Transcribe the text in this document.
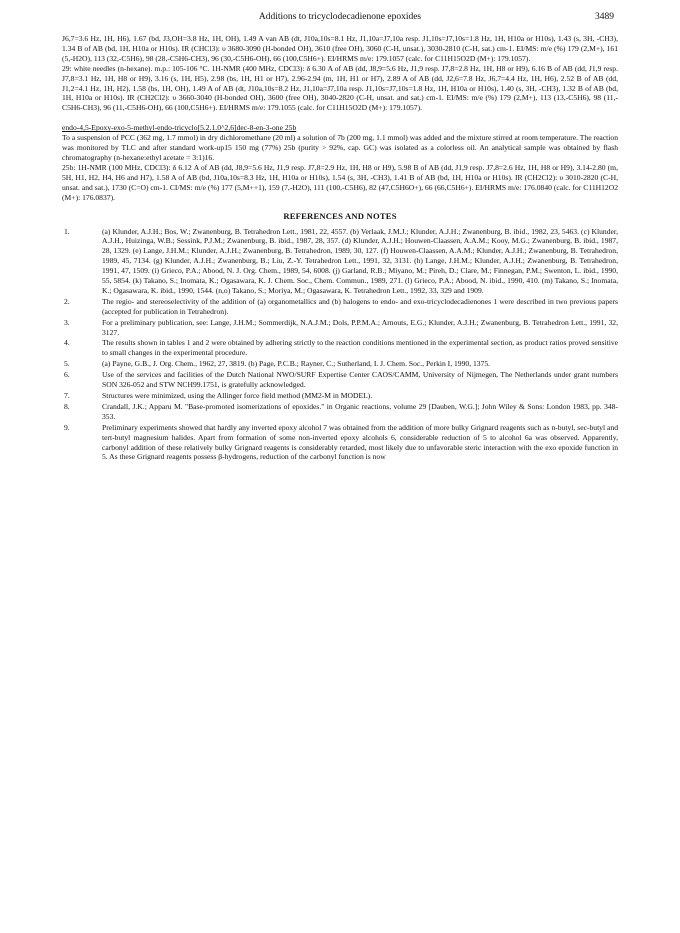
Additions to tricyclodecadienone epoxides	3489

J6,7=3.6 Hz, 1H, H6), 1.67 (bd, J3,OH=3.8 Hz, 1H, OH), 1.49 A van AB (dt, J10a,10s=8.1 Hz, J1,10a=J7,10a resp. J1,10s=J7,10s=1.8 Hz, 1H, H10a or H10s), 1.43 (s, 3H, -CH3), 1.34 B of AB (bd, 1H, H10a or H10s). IR (CHCl3): υ 3680-3090 (H-bonded OH), 3610 (free OH), 3060 (C-H, unsat.), 3030-2810 (C-H, sat.) cm-1. EI/MS: m/e (%) 179 (2,M+), 161 (5,-H2O), 113 (32,-C5H6), 98 (28,-C5H6-CH3), 96 (30,-C5H6-OH), 66 (100,C5H6+). EI/HRMS m/e: 179.1057 (calc. for C11H15O2D (M+): 179.1057).

29: white needles (n-hexane). m.p.: 105-106 °C. 1H-NMR (400 MHz, CDCl3): δ 6.30 A of AB (dd, J8,9=5.6 Hz, J1,9 resp. J7,8=2.8 Hz, 1H, H8 or H9), 6.16 B of AB (dd, J1,9 resp. J7,8=3.1 Hz, 1H, H8 or H9), 3.16 (s, 1H, H5), 2.98 (bs, 1H, H1 or H7), 2.96-2.94 (m, 1H, H1 or H7), 2.89 A of AB (dd, J2,6=7.8 Hz, J6,7=4.4 Hz, 1H, H6), 2.52 B of AB (dd, J1,2=4.1 Hz, 1H, H2), 1.58 (bs, 1H, OH), 1.49 A of AB (dt, J10a,10s=8.2 Hz, J1,10a=J7,10a resp. J1,10s=J7,10s=1.8 Hz, 1H, H10a or H10s), 1.40 (s, 3H, -CH3), 1.32 B of AB (bd, 1H, H10a or H10s). IR (CH2Cl2): υ 3660-3040 (H-bonded OH), 3600 (free OH), 3040-2820 (C-H, unsat. and sat.) cm-1. EI/MS: m/e (%) 179 (2,M+), 113 (13,-C5H6), 98 (11,-C5H6-CH3), 96 (11,-C5H6-OH), 66 (100,C5H6+). EI/HRMS m/e: 179.1055 (calc. for C11H15O2D (M+): 179.1057).

endo-4,5-Epoxy-exo-5-methyl-endo-tricyclo[5.2.1.0^2,6]dec-8-en-3-one 25b

To a suspension of PCC (362 mg, 1.7 mmol) in dry dichloromethane (20 ml) a solution of 7b (200 mg, 1.1 mmol) was added and the mixture stirred at room temperature. The reaction was monitored by TLC and after standard work-up15 150 mg (77%) 25b (purity > 92%, cap. GC) was isolated as a colorless oil. An analytical sample was obtained by flash chromatography (n-hexane:ethyl acetate = 3:1)16.

25b: 1H-NMR (100 MHz, CDCl3): δ 6.12 A of AB (dd, J8,9=5.6 Hz, J1,9 resp. J7,8=2.9 Hz, 1H, H8 or H9), 5.98 B of AB (dd, J1,9 resp. J7,8=2.6 Hz, 1H, H8 or H9), 3.14-2.80 (m, 5H, H1, H2, H4, H6 and H7), 1.58 A of AB (bd, J10a,10s=8.3 Hz, 1H, H10a or H10s), 1.54 (s, 3H, -CH3), 1.41 B of AB (bd, 1H, H10a or H10s). IR (CH2Cl2): υ 3010-2820 (C-H, unsat. and sat.), 1730 (C=O) cm-1. CI/MS: m/e (%) 177 (5,M++1), 159 (7,-H2O), 111 (100,-C5H6), 82 (47,C5H6O+), 66 (66,C5H6+). EI/HRMS m/e: 176.0840 (calc. for C11H12O2 (M+): 176.0837).

REFERENCES AND NOTES
1.	(a) Klunder, A.J.H.; Bos, W.; Zwanenburg, B. Tetrahedron Lett., 1981, 22, 4557. (b) Verlaak, J.M.J.; Klunder, A.J.H.; Zwanenburg, B. ibid., 1982, 23, 5463. (c) Klunder, A.J.H., Huizinga, W.B.; Sessink, P.J.M.; Zwanenburg, B. ibid., 1987, 28, 357. (d) Klunder, A.J.H.; Houwen-Claassen, A.A.M.; Kooy, M.G.; Zwanenburg, B. ibid., 1987, 28, 1329. (e) Lange, J.H.M.; Klunder, A.J.H.; Zwanenburg, B. Tetrahedron, 1989, 30, 127. (f) Houwen-Claassen, A.A.M.; Klunder, A.J.H.; Zwanenburg, B. Tetrahedron, 1989, 45, 7134. (g) Klunder, A.J.H.; Zwanenburg, B.; Liu, Z.-Y. Tetrahedron Lett., 1991, 32, 3131. (h) Lange, J.H.M.; Klunder, A.J.H.; Zwanenburg, B. Tetrahedron, 1991, 47, 1509. (i) Grieco, P.A.; Abood, N. J. Org. Chem., 1989, 54, 6008. (j) Garland, R.B.; Miyano, M.; Pireh, D.; Clare, M.; Finnegan, P.M.; Swenton, L. ibid., 1990, 55, 5854. (k) Takano, S.; Inomata, K.; Ogasawara, K. J. Chem. Soc., Chem. Commun., 1989, 271. (l) Grieco, P.A.; Abood, N. ibid., 1990, 410. (m) Takano, S.; Inomata, K.; Ogasawara, K. ibid., 1990, 1544. (n,o) Takano, S.; Moriya, M.; Ogasawara, K. Tetrahedron Lett., 1992, 33, 329 and 1909.
2.	The regio- and stereoselectivity of the addition of (a) organometallics and (b) halogens to endo- and exo-tricyclodecadienones 1 were described in two previous papers (accepted for publication in Tetrahedron).
3.	For a preliminary publication, see: Lange, J.H.M.; Sommerdijk, N.A.J.M.; Dols, P.P.M.A.; Arnouts, E.G.; Klunder, A.J.H.; Zwanenburg, B. Tetrahedron Lett., 1991, 32, 3127.
4.	The results shown in tables 1 and 2 were obtained by adhering strictly to the reaction conditions mentioned in the experimental section, as product ratios proved sensitive to small changes in the experimental procedure.
5.	(a) Payne, G.B., J. Org. Chem., 1962, 27, 3819. (b) Page, P.C.B.; Rayner, C.; Sutherland, I. J. Chem. Soc., Perkin I, 1990, 1375.
6.	Use of the services and facilities of the Dutch National NWO/SURF Expertise Center CAOS/CAMM, University of Nijmegen, The Netherlands under grant numbers SON 326-052 and STW NCH99.1751, is gratefully acknowledged.
7.	Structures were minimized, using the Allinger force field method (MM2-M in MODEL).
8.	Crandall, J.K.; Apparu M. "Base-promoted isomerizations of epoxides." in Organic reactions, volume 29 [Dauben, W.G.]; John Wiley & Sons: London 1983, pp. 348-353.
9.	Preliminary experiments showed that hardly any inverted epoxy alcohol 7 was obtained from the addition of more bulky Grignard reagents such as n-butyl, sec-butyl and tert-butyl magnesium halides. Apart from formation of some non-inverted epoxy alcohols 6, considerable reduction of 5 to alcohol 6a was observed. Apparently, carbonyl addition of these relatively bulky Grignard reagents is considerably retarded, most likely due to unfavorable steric interaction with the exo epoxide function in 5. As these Grignard reagents possess β-hydrogens, reduction of the carbonyl function is now
